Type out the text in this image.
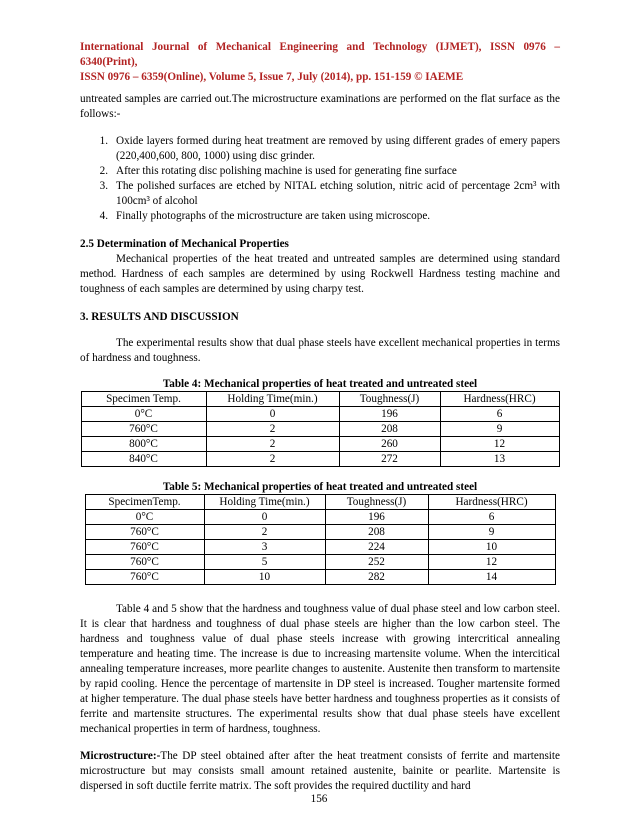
International Journal of Mechanical Engineering and Technology (IJMET), ISSN 0976 – 6340(Print),
ISSN 0976 – 6359(Online), Volume 5, Issue 7, July (2014), pp. 151-159 © IAEME

untreated samples are carried out.The microstructure examinations are performed on the flat surface as the follows:-

1. Oxide layers formed during heat treatment are removed by using different grades of emery papers (220,400,600, 800, 1000) using disc grinder.
2. After this rotating disc polishing machine is used for generating fine surface
3. The polished surfaces are etched by NITAL etching solution, nitric acid of percentage 2cm³ with 100cm³ of alcohol
4. Finally photographs of the microstructure are taken using microscope.

2.5 Determination of Mechanical Properties

Mechanical properties of the heat treated and untreated samples are determined using standard method. Hardness of each samples are determined by using Rockwell Hardness testing machine and toughness of each samples are determined by using charpy test.

3. RESULTS AND DISCUSSION

The experimental results show that dual phase steels have excellent mechanical properties in terms of hardness and toughness.

Table 4: Mechanical properties of heat treated and untreated steel

Specimen Temp.	Holding Time(min.)	Toughness(J)	Hardness(HRC)
0°C	0	196	6
760°C	2	208	9
800°C	2	260	12
840°C	2	272	13

Table 5: Mechanical properties of heat treated and untreated steel

SpecimenTemp.	Holding Time(min.)	Toughness(J)	Hardness(HRC)
0°C	0	196	6
760°C	2	208	9
760°C	3	224	10
760°C	5	252	12
760°C	10	282	14

Table 4 and 5 show that the hardness and toughness value of dual phase steel and low carbon steel. It is clear that hardness and toughness of dual phase steels are higher than the low carbon steel. The hardness and toughness value of dual phase steels increase with growing intercritical annealing temperature and heating time. The increase is due to increasing martensite volume. When the intercitical annealing temperature increases, more pearlite changes to austenite. Austenite then transform to martensite by rapid cooling. Hence the percentage of martensite in DP steel is increased. Tougher martensite formed at higher temperature. The dual phase steels have better hardness and toughness properties as it consists of ferrite and martensite structures. The experimental results show that dual phase steels have excellent mechanical properties in term of hardness, toughness.

Microstructure:-The DP steel obtained after after the heat treatment consists of ferrite and martensite microstructure but may consists small amount retained austenite, bainite or pearlite. Martensite is dispersed in soft ductile ferrite matrix. The soft provides the required ductility and hard

156
